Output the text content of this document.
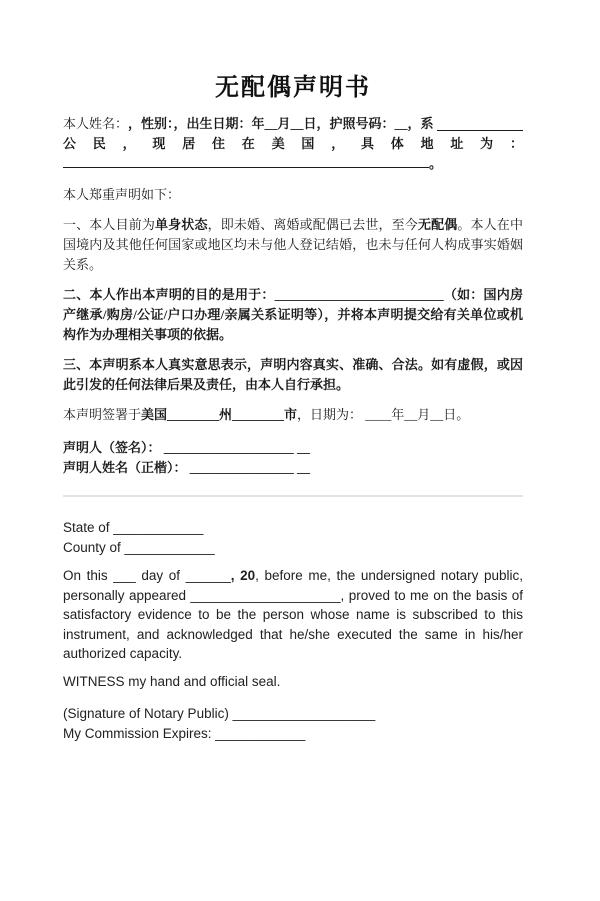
无配偶声明书
本人姓名： ，性别：，出生日期：年__月__日，护照号码：__，系
公民，现居住在美国，具体地址为：
。
本人郑重声明如下：
一、本人目前为单身状态，即未婚、离婚或配偶已去世，至今无配偶。本人在中国境内及其他任何国家或地区均未与他人登记结婚，也未与任何人构成事实婚姻关系。
二、本人作出本声明的目的是用于：__________________________（如：国内房产继承/购房/公证/户口办理/亲属关系证明等），并将本声明提交给有关单位或机构作为办理相关事项的依据。
三、本声明系本人真实意思表示，声明内容真实、准确、合法。如有虚假，或因此引发的任何法律后果及责任，由本人自行承担。
本声明签署于美国________州________市，日期为： ____年__月__日。
声明人（签名）： ____________________ __
声明人姓名（正楷）： ________________ __
State of ____________
County of ____________
On this ___ day of ______, 20, before me, the undersigned notary public, personally appeared ____________________, proved to me on the basis of satisfactory evidence to be the person whose name is subscribed to this instrument, and acknowledged that he/she executed the same in his/her authorized capacity.
WITNESS my hand and official seal.
(Signature of Notary Public) ___________________
My Commission Expires: ____________
